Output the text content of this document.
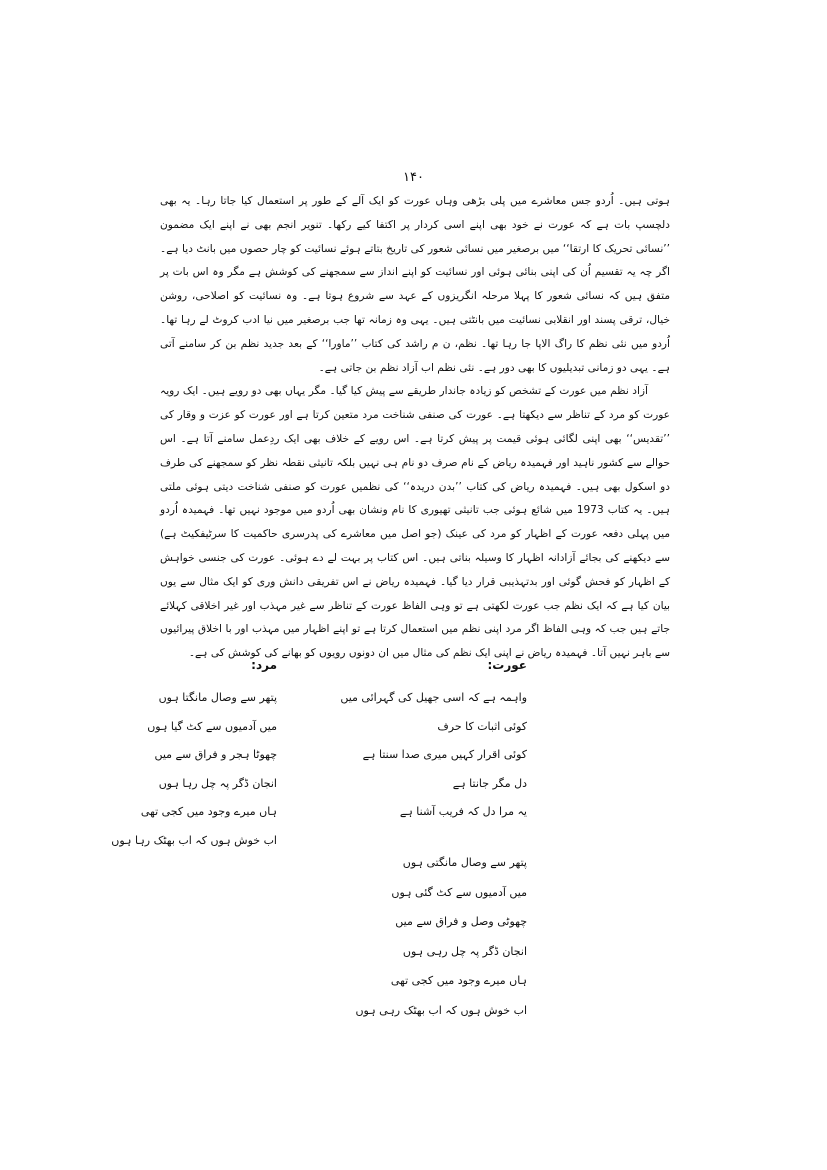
۱۴۰

ہوتی ہیں۔ اُردو جس معاشرے میں پلی بڑھی وہاں عورت کو ایک آلے کے طور پر استعمال کیا جاتا رہا۔ یہ بھی دلچسپ بات ہے کہ عورت نے خود بھی اپنے اسی کردار پر اکتفا کیے رکھا۔ تنویر انجم بھی نے اپنے ایک مضمون ’’نسائی تحریک کا ارتقا‘‘ میں برصغیر میں نسائی شعور کی تاریخ بتاتے ہوئے نسائیت کو چار حصوں میں بانٹ دیا ہے۔ اگر چہ یہ تقسیم اُن کی اپنی بنائی ہوئی اور نسائیت کو اپنے انداز سے سمجھنے کی کوشش ہے مگر وہ اس بات پر متفق ہیں کہ نسائی شعور کا پہلا مرحلہ انگریزوں کے عہد سے شروع ہوتا ہے۔ وہ نسائیت کو اصلاحی، روشن خیال، ترقی پسند اور انقلابی نسائیت میں بانٹتی ہیں۔ یہی وہ زمانہ تھا جب برصغیر میں نیا ادب کروٹ لے رہا تھا۔ اُردو میں نئی نظم کا راگ الاپا جا رہا تھا۔ نظم، ن م راشد کی کتاب ’’ماورا‘‘ کے بعد جدید نظم بن کر سامنے آتی ہے۔ یہی دو زمانی تبدیلیوں کا بھی دور ہے۔ نئی نظم اب آزاد نظم بن جاتی ہے۔

آزاد نظم میں عورت کے تشخص کو زیادہ جاندار طریقے سے پیش کیا گیا۔ مگر یہاں بھی دو رویے ہیں۔ ایک رویہ عورت کو مرد کے تناظر سے دیکھتا ہے۔ عورت کی صنفی شناخت مرد متعین کرتا ہے اور عورت کو عزت و وقار کی ’’تقدیس‘‘ بھی اپنی لگائی ہوئی قیمت پر پیش کرتا ہے۔ اس رویے کے خلاف بھی ایک ردِعمل سامنے آتا ہے۔ اس حوالے سے کشور ناہید اور فہمیدہ ریاض کے نام صرف دو نام ہی نہیں بلکہ تانیثی نقطہ نظر کو سمجھنے کی طرف دو اسکول بھی ہیں۔ فہمیدہ ریاض کی کتاب ’’بدن دریدہ‘‘ کی نظمیں عورت کو صنفی شناخت دیتی ہوئی ملتی ہیں۔ یہ کتاب 1973 میں شائع ہوئی جب تانیثی تھیوری کا نام ونشان بھی اُردو میں موجود نہیں تھا۔ فہمیدہ اُردو میں پہلی دفعہ عورت کے اظہار کو مرد کی عینک (جو اصل میں معاشرے کی پدرسری حاکمیت کا سرٹیفکیٹ ہے) سے دیکھنے کی بجائے آزادانہ اظہار کا وسیلہ بناتی ہیں۔ اس کتاب پر بہت لے دے ہوئی۔ عورت کی جنسی خواہش کے اظہار کو فحش گوئی اور بدتہذیبی قرار دیا گیا۔ فہمیدہ ریاض نے اس تفریقی دانش وری کو ایک مثال سے یوں بیان کیا ہے کہ ایک نظم جب عورت لکھتی ہے تو وہی الفاظ عورت کے تناظر سے غیر مہذب اور غیر اخلاقی کہلائے جاتے ہیں جب کہ وہی الفاظ اگر مرد اپنی نظم میں استعمال کرتا ہے تو اپنے اظہار میں مہذب اور با اخلاق پیرائیوں سے باہر نہیں آتا۔ فہمیدہ ریاض نے اپنی ایک نظم کی مثال میں ان دونوں رویوں کو بھانے کی کوشش کی ہے۔

عورت:
واہمہ ہے کہ اسی جھیل کی گہرائی میں
کوئی اثبات کا حرف
کوئی اقرار کہیں میری صدا سنتا ہے
دل مگر جانتا ہے
یہ مرا دل کہ فریب آشنا ہے
مرد:
پتھر سے وصال مانگتا ہوں
میں آدمیوں سے کٹ گیا ہوں
چھوٹا ہجر و فراق سے میں
انجان ڈگر پہ چل رہا ہوں
ہاں میرے وجود میں کجی تھی
اب خوش ہوں کہ اب بھٹک رہا ہوں
پتھر سے وصال مانگتی ہوں
میں آدمیوں سے کٹ گئی ہوں
چھوٹی وصل و فراق سے میں
انجان ڈگر پہ چل رہی ہوں
ہاں میرے وجود میں کجی تھی
اب خوش ہوں کہ اب بھٹک رہی ہوں
